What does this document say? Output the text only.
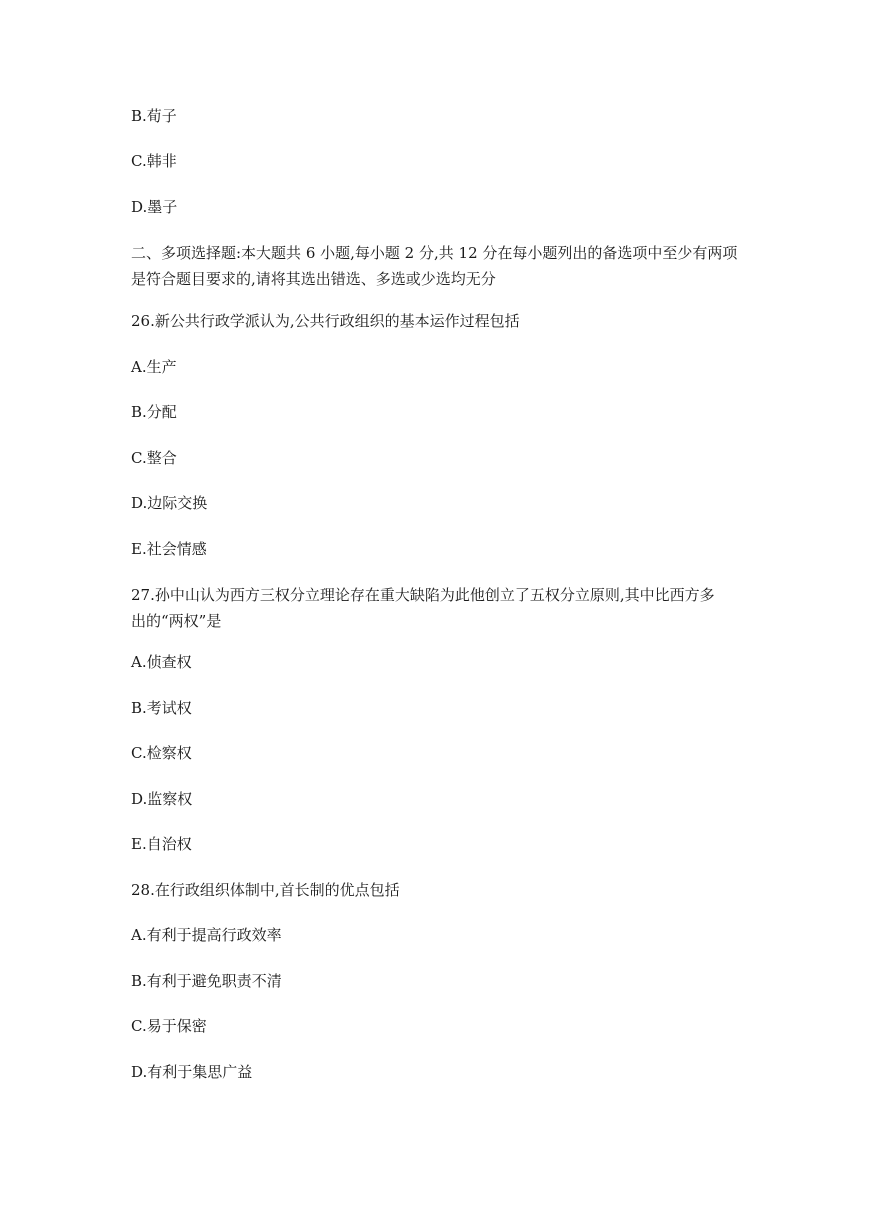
B.荀子
C.韩非
D.墨子
二、多项选择题:本大题共 6 小题,每小题 2 分,共 12 分在每小题列出的备选项中至少有两项
是符合题目要求的,请将其选出错选、多选或少选均无分
26.新公共行政学派认为,公共行政组织的基本运作过程包括
A.生产
B.分配
C.整合
D.边际交换
E.社会情感
27.孙中山认为西方三权分立理论存在重大缺陷为此他创立了五权分立原则,其中比西方多
出的“两权”是
A.侦查权
B.考试权
C.检察权
D.监察权
E.自治权
28.在行政组织体制中,首长制的优点包括
A.有利于提高行政效率
B.有利于避免职责不清
C.易于保密
D.有利于集思广益
